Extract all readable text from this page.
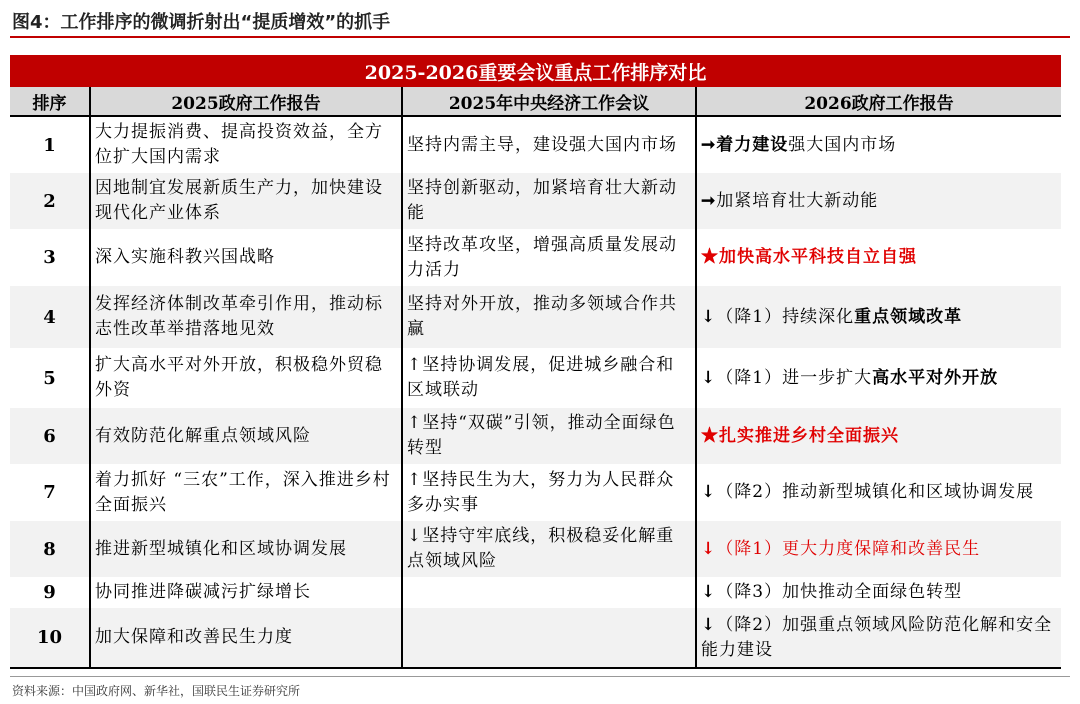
图4：工作排序的微调折射出“提质增效”的抓手
2025-2026重要会议重点工作排序对比
排序	2025政府工作报告	2025年中央经济工作会议	2026政府工作报告
1	大力提振消费、提高投资效益，全方位扩大国内需求	坚持内需主导，建设强大国内市场	➞着力建设强大国内市场
2	因地制宜发展新质生产力，加快建设现代化产业体系	坚持创新驱动，加紧培育壮大新动能	➞加紧培育壮大新动能
3	深入实施科教兴国战略	坚持改革攻坚，增强高质量发展动力活力	★加快高水平科技自立自强
4	发挥经济体制改革牵引作用，推动标志性改革举措落地见效	坚持对外开放，推动多领域合作共赢	↓（降1）持续深化重点领域改革
5	扩大高水平对外开放，积极稳外贸稳外资	↑坚持协调发展，促进城乡融合和区域联动	↓（降1）进一步扩大高水平对外开放
6	有效防范化解重点领域风险	↑坚持“双碳”引领，推动全面绿色转型	★扎实推进乡村全面振兴
7	着力抓好 “三农”工作，深入推进乡村全面振兴	↑坚持民生为大，努力为人民群众多办实事	↓（降2）推动新型城镇化和区域协调发展
8	推进新型城镇化和区域协调发展	↓坚持守牢底线，积极稳妥化解重点领域风险	↓（降1）更大力度保障和改善民生
9	协同推进降碳减污扩绿增长		↓（降3）加快推动全面绿色转型
10	加大保障和改善民生力度		↓（降2）加强重点领域风险防范化解和安全能力建设
资料来源：中国政府网、新华社，国联民生证券研究所
